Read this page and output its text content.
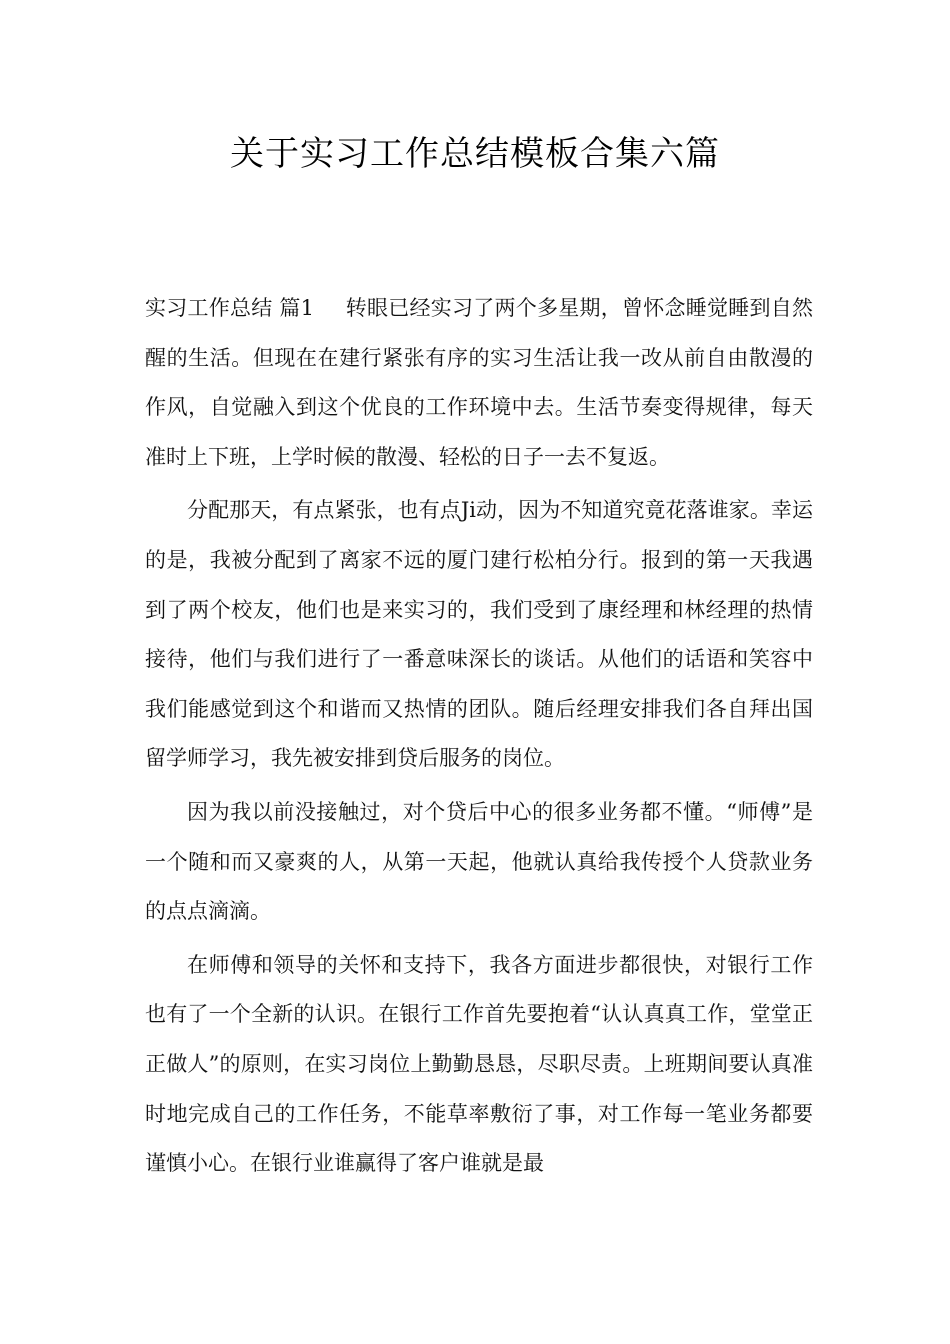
关于实习工作总结模板合集六篇

实习工作总结 篇1 转眼已经实习了两个多星期，曾怀念睡觉睡到自然醒的生活。但现在在建行紧张有序的实习生活让我一改从前自由散漫的作风，自觉融入到这个优良的工作环境中去。生活节奏变得规律，每天准时上下班，上学时候的散漫、轻松的日子一去不复返。

分配那天，有点紧张，也有点Ji动，因为不知道究竟花落谁家。幸运的是，我被分配到了离家不远的厦门建行松柏分行。报到的第一天我遇到了两个校友，他们也是来实习的，我们受到了康经理和林经理的热情接待，他们与我们进行了一番意味深长的谈话。从他们的话语和笑容中我们能感觉到这个和谐而又热情的团队。随后经理安排我们各自拜出国留学师学习，我先被安排到贷后服务的岗位。

因为我以前没接触过，对个贷后中心的很多业务都不懂。“师傅”是一个随和而又豪爽的人，从第一天起，他就认真给我传授个人贷款业务的点点滴滴。

在师傅和领导的关怀和支持下，我各方面进步都很快，对银行工作也有了一个全新的认识。在银行工作首先要抱着“认认真真工作，堂堂正正做人”的原则，在实习岗位上勤勤恳恳，尽职尽责。上班期间要认真准时地完成自己的工作任务，不能草率敷衍了事，对工作每一笔业务都要谨慎小心。在银行业谁赢得了客户谁就是最
